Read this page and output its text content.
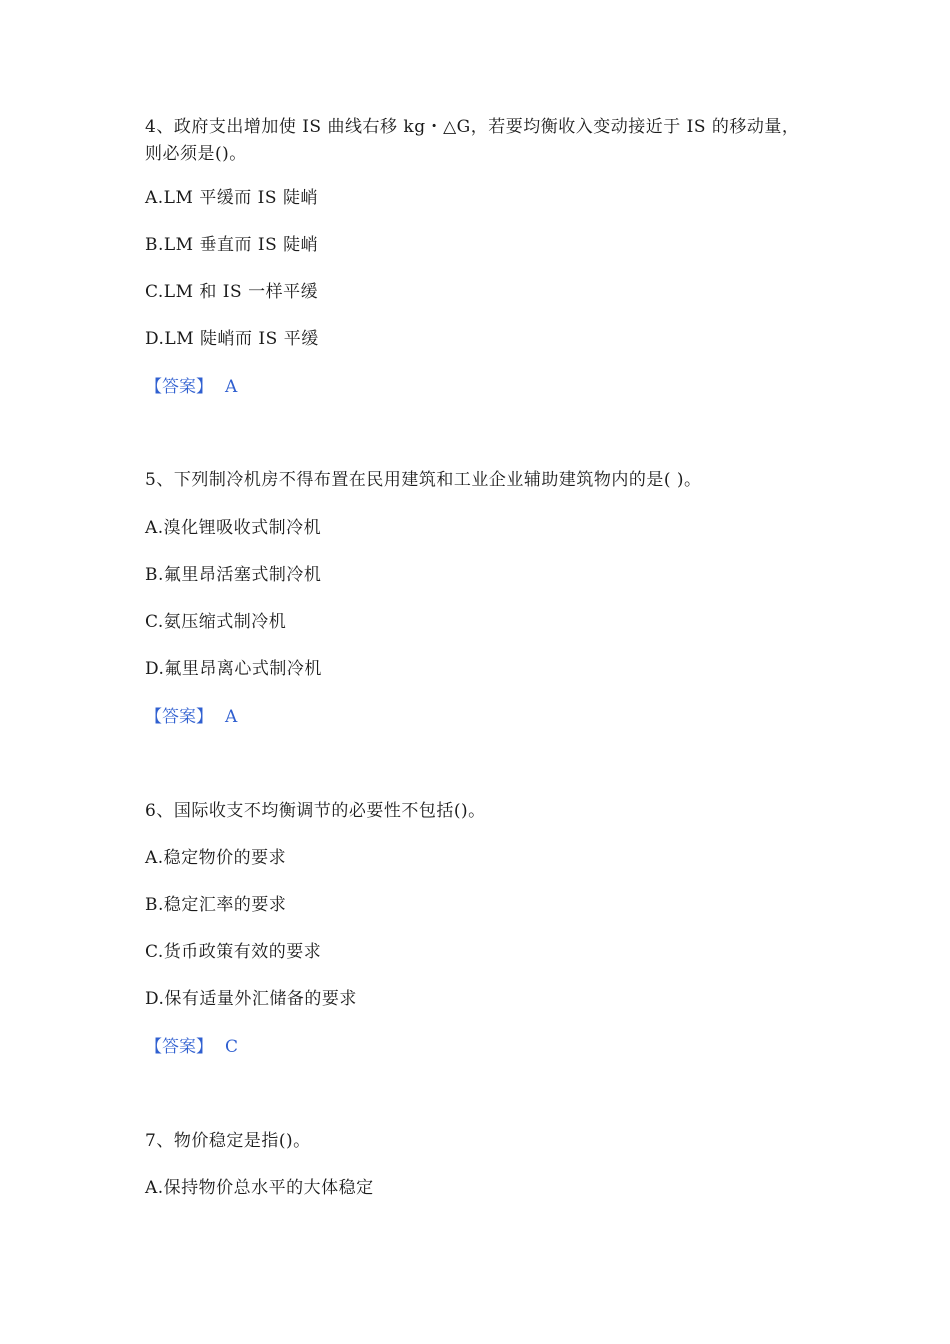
4、政府支出增加使 IS 曲线右移 kg・△G，若要均衡收入变动接近于 IS 的移动量，则必须是()。

A.LM 平缓而 IS 陡峭

B.LM 垂直而 IS 陡峭

C.LM 和 IS 一样平缓

D.LM 陡峭而 IS 平缓

【答案】 A

5、下列制冷机房不得布置在民用建筑和工业企业辅助建筑物内的是( )。

A.溴化锂吸收式制冷机

B.氟里昂活塞式制冷机

C.氨压缩式制冷机

D.氟里昂离心式制冷机

【答案】 A

6、国际收支不均衡调节的必要性不包括()。

A.稳定物价的要求

B.稳定汇率的要求

C.货币政策有效的要求

D.保有适量外汇储备的要求

【答案】 C

7、物价稳定是指()。

A.保持物价总水平的大体稳定
